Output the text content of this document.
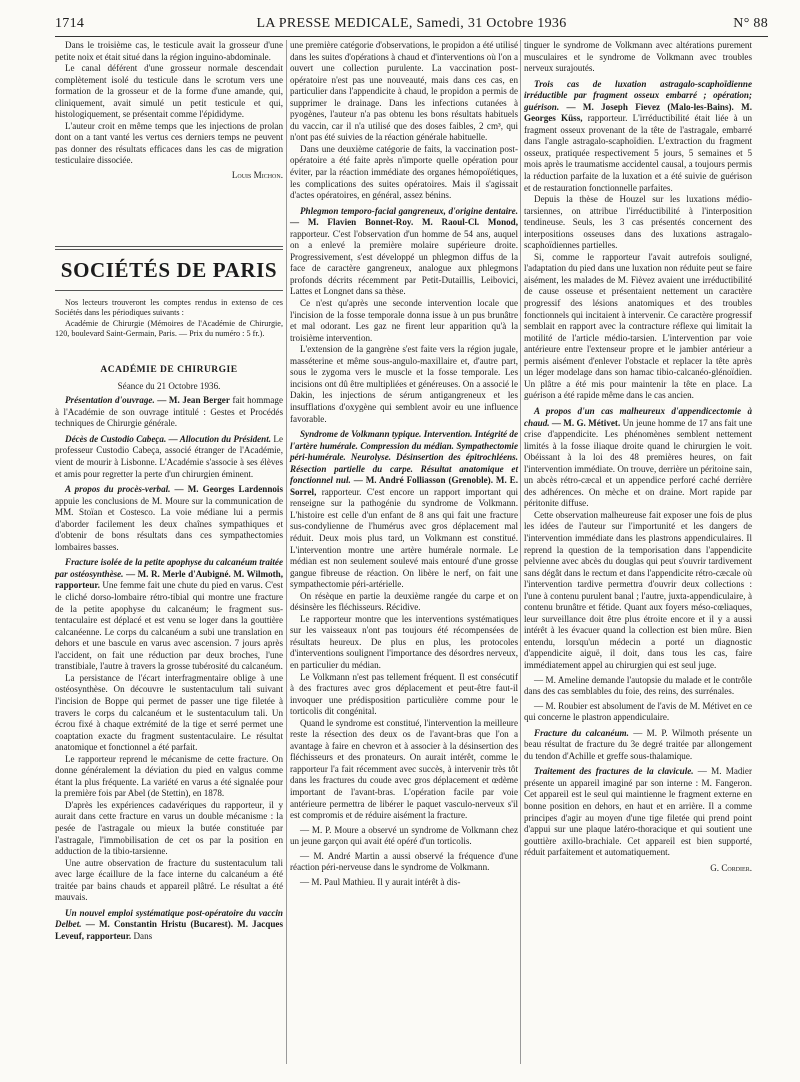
1714	LA PRESSE MEDICALE, Samedi, 31 Octobre 1936	N° 88

Dans le troisième cas, le testicule avait la grosseur d'une petite noix et était situé dans la région inguino-abdominale.

Le canal déférent d'une grosseur normale descendait complètement isolé du testicule dans le scrotum vers une formation de la grosseur et de la forme d'une amande, qui, cliniquement, avait simulé un petit testicule et qui, histologiquement, se présentait comme l'épididyme.

L'auteur croit en même temps que les injections de prolan dont on a tant vanté les vertus ces derniers temps ne peuvent pas donner des résultats efficaces dans les cas de migration testiculaire dissociée.

Louis Michon.

SOCIÉTÉS DE PARIS

Nos lecteurs trouveront les comptes rendus in extenso de ces Sociétés dans les périodiques suivants :

Académie de Chirurgie (Mémoires de l'Académie de Chirurgie, 120, boulevard Saint-Germain, Paris. — Prix du numéro : 5 fr.).

ACADÉMIE DE CHIRURGIE

Séance du 21 Octobre 1936.

Présentation d'ouvrage. — M. Jean Berger fait hommage à l'Académie de son ouvrage intitulé : Gestes et Procédés techniques de Chirurgie générale.

Décès de Custodio Cabeça. — Allocution du Président. Le professeur Custodio Cabeça, associé étranger de l'Académie, vient de mourir à Lisbonne. L'Académie s'associe à ses élèves et amis pour regretter la perte d'un chirurgien éminent.

A propos du procès-verbal. — M. Georges Lardennois appuie les conclusions de M. Moure sur la communication de MM. Stoïan et Costesco. La voie médiane lui a permis d'aborder facilement les deux chaînes sympathiques et d'obtenir de bons résultats dans ces sympathectomies lombaires basses.

Fracture isolée de la petite apophyse du calcanéum traitée par ostéosynthèse. — M. R. Merle d'Aubigné. M. Wilmoth, rapporteur. Une femme fait une chute du pied en varus. C'est le cliché dorso-lombaire rétro-tibial qui montre une fracture de la petite apophyse du calcanéum; le fragment sus-tentaculaire est déplacé et est venu se loger dans la gouttière calcanéenne. Le corps du calcanéum a subi une translation en dehors et une bascule en varus avec ascension. 7 jours après l'accident, on fait une réduction par deux broches, l'une transtibiale, l'autre à travers la grosse tubérosité du calcanéum.

La persistance de l'écart interfragmentaire oblige à une ostéosynthèse. On découvre le sustentaculum tali suivant l'incision de Boppe qui permet de passer une tige filetée à travers le corps du calcanéum et le sustentaculum tali. Un écrou fixé à chaque extrémité de la tige et serré permet une coaptation exacte du fragment sustentaculaire. Le résultat anatomique et fonctionnel a été parfait.

Le rapporteur reprend le mécanisme de cette fracture. On donne généralement la déviation du pied en valgus comme étant la plus fréquente. La variété en varus a été signalée pour la première fois par Abel (de Stettin), en 1878.

D'après les expériences cadavériques du rapporteur, il y aurait dans cette fracture en varus un double mécanisme : la pesée de l'astragale ou mieux la butée constituée par l'astragale, l'immobilisation de cet os par la position en adduction de la tibio-tarsienne.

Une autre observation de fracture du sustentaculum tali avec large écaillure de la face interne du calcanéum a été traitée par bains chauds et appareil plâtré. Le résultat a été mauvais.

Un nouvel emploi systématique post-opératoire du vaccin Delbet. — M. Constantin Hristu (Bucarest). M. Jacques Leveuf, rapporteur. Dans

une première catégorie d'observations, le propidon a été utilisé dans les suites d'opérations à chaud et d'interventions où l'on a ouvert une collection purulente. La vaccination post-opératoire n'est pas une nouveauté, mais dans ces cas, en particulier dans l'appendicite à chaud, le propidon a permis de supprimer le drainage. Dans les infections cutanées à pyogènes, l'auteur n'a pas obtenu les bons résultats habituels du vaccin, car il n'a utilisé que des doses faibles, 2 cm³, qui n'ont pas été suivies de la réaction générale habituelle.

Dans une deuxième catégorie de faits, la vaccination post-opératoire a été faite après n'importe quelle opération pour éviter, par la réaction immédiate des organes hémopoïétiques, les complications des suites opératoires. Mais il s'agissait d'actes opératoires, en général, assez bénins.

Phlegmon temporo-facial gangreneux, d'origine dentaire. — M. Flavien Bonnet-Roy. M. Raoul-Cl. Monod, rapporteur. C'est l'observation d'un homme de 54 ans, auquel on a enlevé la première molaire supérieure droite. Progressivement, s'est développé un phlegmon diffus de la face de caractère gangreneux, analogue aux phlegmons profonds décrits récemment par Petit-Dutaillis, Leibovici, Lattes et Longnet dans sa thèse.

Ce n'est qu'après une seconde intervention locale que l'incision de la fosse temporale donna issue à un pus brunâtre et mal odorant. Les gaz ne firent leur apparition qu'à la troisième intervention.

L'extension de la gangrène s'est faite vers la région jugale, masséterine et même sous-angulo-maxillaire et, d'autre part, sous le zygoma vers le muscle et la fosse temporale. Les incisions ont dû être multipliées et généreuses. On a associé le Dakin, les injections de sérum antigangreneux et les insufflations d'oxygène qui semblent avoir eu une influence favorable.

Syndrome de Volkmann typique. Intervention. Intégrité de l'artère humérale. Compression du médian. Sympathectomie péri-humérale. Neurolyse. Désinsertion des épitrochléens. Résection partielle du carpe. Résultat anatomique et fonctionnel nul. — M. André Folliasson (Grenoble). M. E. Sorrel, rapporteur. C'est encore un rapport important qui renseigne sur la pathogénie du syndrome de Volkmann. L'histoire est celle d'un enfant de 8 ans qui fait une fracture sus-condylienne de l'humérus avec gros déplacement mal réduit. Deux mois plus tard, un Volkmann est constitué. L'intervention montre une artère humérale normale. Le médian est non seulement soulevé mais entouré d'une grosse gangue fibreuse de réaction. On libère le nerf, on fait une sympathectomie péri-artérielle.

On résèque en partie la deuxième rangée du carpe et on désinsère les fléchisseurs. Récidive.

Le rapporteur montre que les interventions systématiques sur les vaisseaux n'ont pas toujours été récompensées de résultats heureux. De plus en plus, les protocoles d'interventions soulignent l'importance des désordres nerveux, en particulier du médian.

Le Volkmann n'est pas tellement fréquent. Il est consécutif à des fractures avec gros déplacement et peut-être faut-il invoquer une prédisposition particulière comme pour le torticolis dit congénital.

Quand le syndrome est constitué, l'intervention la meilleure reste la résection des deux os de l'avant-bras que l'on a avantage à faire en chevron et à associer à la désinsertion des fléchisseurs et des pronateurs. On aurait intérêt, comme le rapporteur l'a fait récemment avec succès, à intervenir très tôt dans les fractures du coude avec gros déplacement et œdème important de l'avant-bras. L'opération facile par voie antérieure permettra de libérer le paquet vasculo-nerveux s'il est compromis et de réduire aisément la fracture.

— M. P. Moure a observé un syndrome de Volkmann chez un jeune garçon qui avait été opéré d'un torticolis.

— M. André Martin a aussi observé la fréquence d'une réaction péri-nerveuse dans le syndrome de Volkmann.

— M. Paul Mathieu. Il y aurait intérêt à dis-

tinguer le syndrome de Volkmann avec altérations purement musculaires et le syndrome de Volkmann avec troubles nerveux surajoutés.

Trois cas de luxation astragalo-scaphoïdienne irréductible par fragment osseux embarré ; opération; guérison. — M. Joseph Fievez (Malo-les-Bains). M. Georges Küss, rapporteur. L'irréductibilité était liée à un fragment osseux provenant de la tête de l'astragale, embarré dans l'angle astragalo-scaphoïdien. L'extraction du fragment osseux, pratiquée respectivement 5 jours, 5 semaines et 5 mois après le traumatisme accidentel causal, a toujours permis la réduction parfaite de la luxation et a été suivie de guérison et de restauration fonctionnelle parfaites.

Depuis la thèse de Houzel sur les luxations médio-tarsiennes, on attribue l'irréductibilité à l'interposition tendineuse. Seuls, les 3 cas présentés concernent des interpositions osseuses dans des luxations astragalo-scaphoïdiennes partielles.

Si, comme le rapporteur l'avait autrefois souligné, l'adaptation du pied dans une luxation non réduite peut se faire aisément, les malades de M. Fièvez avaient une irréductibilité de cause osseuse et présentaient nettement un caractère progressif des lésions anatomiques et des troubles fonctionnels qui incitaient à intervenir. Ce caractère progressif semblait en rapport avec la contracture réflexe qui limitait la motilité de l'article médio-tarsien. L'intervention par voie antérieure entre l'extenseur propre et le jambier antérieur a permis aisément d'enlever l'obstacle et replacer la tête après un léger modelage dans son hamac tibio-calcanéo-glénoïdien. Un plâtre a été mis pour maintenir la tête en place. La guérison a été rapide même dans le cas ancien.

A propos d'un cas malheureux d'appendicectomie à chaud. — M. G. Métivet. Un jeune homme de 17 ans fait une crise d'appendicite. Les phénomènes semblent nettement limités à la fosse iliaque droite quand le chirurgien le voit. Obéissant à la loi des 48 premières heures, on fait l'intervention immédiate. On trouve, derrière un péritoine sain, un abcès rétro-cæcal et un appendice perforé caché derrière des adhérences. On mèche et on draine. Mort rapide par péritonite diffuse.

Cette observation malheureuse fait exposer une fois de plus les idées de l'auteur sur l'importunité et les dangers de l'intervention immédiate dans les plastrons appendiculaires. Il reprend la question de la temporisation dans l'appendicite pelvienne avec abcès du douglas qui peut s'ouvrir tardivement sans dégât dans le rectum et dans l'appendicite rétro-cæcale où l'intervention tardive permettra d'ouvrir deux collections : l'une à contenu purulent banal ; l'autre, juxta-appendiculaire, à contenu brunâtre et fétide. Quant aux foyers méso-cœliaques, leur surveillance doit être plus étroite encore et il y a aussi intérêt à les évacuer quand la collection est bien mûre. Bien entendu, lorsqu'un médecin a porté un diagnostic d'appendicite aiguë, il doit, dans tous les cas, faire immédiatement appel au chirurgien qui est seul juge.

— M. Ameline demande l'autopsie du malade et le contrôle dans des cas semblables du foie, des reins, des surrénales.

— M. Roubier est absolument de l'avis de M. Métivet en ce qui concerne le plastron appendiculaire.

Fracture du calcanéum. — M. P. Wilmoth présente un beau résultat de fracture du 3e degré traitée par allongement du tendon d'Achille et greffe sous-thalamique.

Traitement des fractures de la clavicule. — M. Madier présente un appareil imaginé par son interne : M. Fangeron. Cet appareil est le seul qui maintienne le fragment externe en bonne position en dehors, en haut et en arrière. Il a comme principes d'agir au moyen d'une tige filetée qui prend point d'appui sur une plaque latéro-thoracique et qui soutient une gouttière axillo-brachiale. Cet appareil est bien supporté, réduit parfaitement et automatiquement.

G. Cordier.
